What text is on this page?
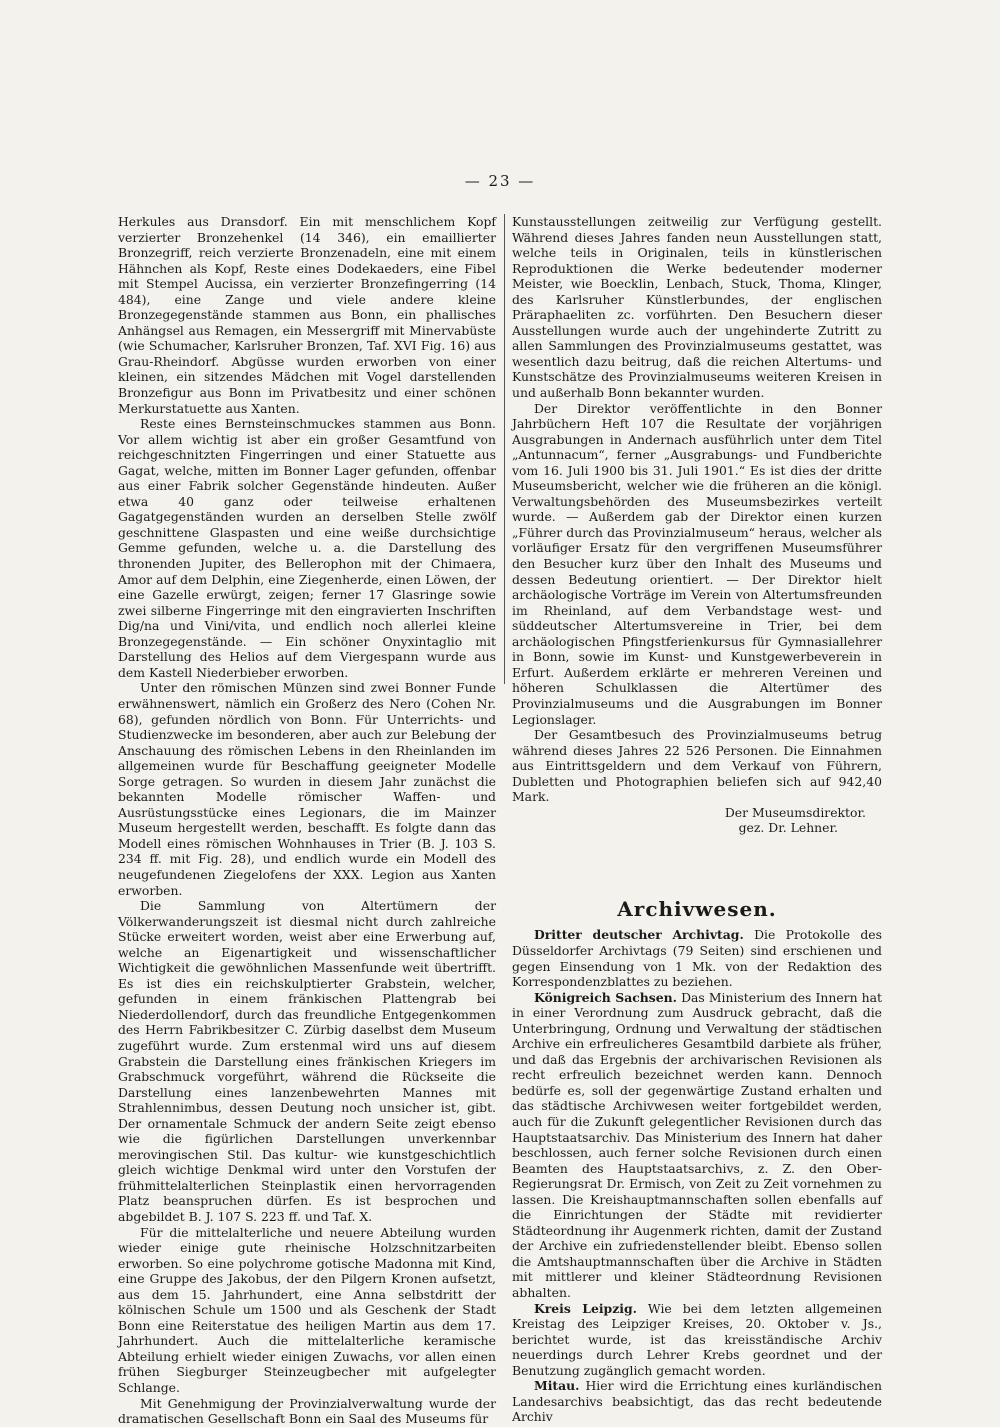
— 23 —

Herkules aus Dransdorf. Ein mit menschlichem Kopf verzierter Bronzehenkel (14 346), ein emaillierter Bronzegriff, reich verzierte Bronzenadeln, eine mit einem Hähnchen als Kopf, Reste eines Dodekaeders, eine Fibel mit Stempel Aucissa, ein verzierter Bronzefingerring (14 484), eine Zange und viele andere kleine Bronzegegenstände stammen aus Bonn, ein phallisches Anhängsel aus Remagen, ein Messergriff mit Minervabüste (wie Schumacher, Karlsruher Bronzen, Taf. XVI Fig. 16) aus Grau-Rheindorf. Abgüsse wurden erworben von einer kleinen, ein sitzendes Mädchen mit Vogel darstellenden Bronzefigur aus Bonn im Privatbesitz und einer schönen Merkurstatuette aus Xanten.

Reste eines Bernsteinschmuckes stammen aus Bonn. Vor allem wichtig ist aber ein großer Gesamtfund von reichgeschnitzten Fingerringen und einer Statuette aus Gagat, welche, mitten im Bonner Lager gefunden, offenbar aus einer Fabrik solcher Gegenstände hindeuten. Außer etwa 40 ganz oder teilweise erhaltenen Gagatgegenständen wurden an derselben Stelle zwölf geschnittene Glaspasten und eine weiße durchsichtige Gemme gefunden, welche u. a. die Darstellung des thronenden Jupiter, des Bellerophon mit der Chimaera, Amor auf dem Delphin, eine Ziegenherde, einen Löwen, der eine Gazelle erwürgt, zeigen; ferner 17 Glasringe sowie zwei silberne Fingerringe mit den eingravierten Inschriften Dig/na und Vini/vita, und endlich noch allerlei kleine Bronzegegenstände. — Ein schöner Onyxintaglio mit Darstellung des Helios auf dem Viergespann wurde aus dem Kastell Niederbieber erworben.

Unter den römischen Münzen sind zwei Bonner Funde erwähnenswert, nämlich ein Großerz des Nero (Cohen Nr. 68), gefunden nördlich von Bonn. Für Unterrichts- und Studienzwecke im besonderen, aber auch zur Belebung der Anschauung des römischen Lebens in den Rheinlanden im allgemeinen wurde für Beschaffung geeigneter Modelle Sorge getragen. So wurden in diesem Jahr zunächst die bekannten Modelle römischer Waffen- und Ausrüstungsstücke eines Legionars, die im Mainzer Museum hergestellt werden, beschafft. Es folgte dann das Modell eines römischen Wohnhauses in Trier (B. J. 103 S. 234 ff. mit Fig. 28), und endlich wurde ein Modell des neugefundenen Ziegelofens der XXX. Legion aus Xanten erworben.

Die Sammlung von Altertümern der Völkerwanderungszeit ist diesmal nicht durch zahlreiche Stücke erweitert worden, weist aber eine Erwerbung auf, welche an Eigenartigkeit und wissenschaftlicher Wichtigkeit die gewöhnlichen Massenfunde weit übertrifft. Es ist dies ein reichskulptierter Grabstein, welcher, gefunden in einem fränkischen Plattengrab bei Niederdollendorf, durch das freundliche Entgegenkommen des Herrn Fabrikbesitzer C. Zürbig daselbst dem Museum zugeführt wurde. Zum erstenmal wird uns auf diesem Grabstein die Darstellung eines fränkischen Kriegers im Grabschmuck vorgeführt, während die Rückseite die Darstellung eines lanzenbewehrten Mannes mit Strahlennimbus, dessen Deutung noch unsicher ist, gibt. Der ornamentale Schmuck der andern Seite zeigt ebenso wie die figürlichen Darstellungen unverkennbar merovingischen Stil. Das kultur- wie kunstgeschichtlich gleich wichtige Denkmal wird unter den Vorstufen der frühmittelalterlichen Steinplastik einen hervorragenden Platz beanspruchen dürfen. Es ist besprochen und abgebildet B. J. 107 S. 223 ff. und Taf. X.

Für die mittelalterliche und neuere Abteilung wurden wieder einige gute rheinische Holzschnitzarbeiten erworben. So eine polychrome gotische Madonna mit Kind, eine Gruppe des Jakobus, der den Pilgern Kronen aufsetzt, aus dem 15. Jahrhundert, eine Anna selbstdritt der kölnischen Schule um 1500 und als Geschenk der Stadt Bonn eine Reiterstatue des heiligen Martin aus dem 17. Jahrhundert. Auch die mittelalterliche keramische Abteilung erhielt wieder einigen Zuwachs, vor allen einen frühen Siegburger Steinzeugbecher mit aufgelegter Schlange.

Mit Genehmigung der Provinzialverwaltung wurde der dramatischen Gesellschaft Bonn ein Saal des Museums für

Kunstausstellungen zeitweilig zur Verfügung gestellt. Während dieses Jahres fanden neun Ausstellungen statt, welche teils in Originalen, teils in künstlerischen Reproduktionen die Werke bedeutender moderner Meister, wie Boecklin, Lenbach, Stuck, Thoma, Klinger, des Karlsruher Künstlerbundes, der englischen Präraphaeliten zc. vorführten. Den Besuchern dieser Ausstellungen wurde auch der ungehinderte Zutritt zu allen Sammlungen des Provinzialmuseums gestattet, was wesentlich dazu beitrug, daß die reichen Altertums- und Kunstschätze des Provinzialmuseums weiteren Kreisen in und außerhalb Bonn bekannter wurden.

Der Direktor veröffentlichte in den Bonner Jahrbüchern Heft 107 die Resultate der vorjährigen Ausgrabungen in Andernach ausführlich unter dem Titel „Antunnacum“, ferner „Ausgrabungs- und Fundberichte vom 16. Juli 1900 bis 31. Juli 1901.“ Es ist dies der dritte Museumsbericht, welcher wie die früheren an die königl. Verwaltungsbehörden des Museumsbezirkes verteilt wurde. — Außerdem gab der Direktor einen kurzen „Führer durch das Provinzialmuseum“ heraus, welcher als vorläufiger Ersatz für den vergriffenen Museumsführer den Besucher kurz über den Inhalt des Museums und dessen Bedeutung orientiert. — Der Direktor hielt archäologische Vorträge im Verein von Altertumsfreunden im Rheinland, auf dem Verbandstage west- und süddeutscher Altertumsvereine in Trier, bei dem archäologischen Pfingstferienkursus für Gymnasiallehrer in Bonn, sowie im Kunst- und Kunstgewerbeverein in Erfurt. Außerdem erklärte er mehreren Vereinen und höheren Schulklassen die Altertümer des Provinzialmuseums und die Ausgrabungen im Bonner Legionslager.

Der Gesamtbesuch des Provinzialmuseums betrug während dieses Jahres 22 526 Personen. Die Einnahmen aus Eintrittsgeldern und dem Verkauf von Führern, Dubletten und Photographien beliefen sich auf 942,40 Mark.

Der Museumsdirektor.

gez. Dr. Lehner.

Archivwesen.

Dritter deutscher Archivtag. Die Protokolle des Düsseldorfer Archivtags (79 Seiten) sind erschienen und gegen Einsendung von 1 Mk. von der Redaktion des Korrespondenzblattes zu beziehen.

Königreich Sachsen. Das Ministerium des Innern hat in einer Verordnung zum Ausdruck gebracht, daß die Unterbringung, Ordnung und Verwaltung der städtischen Archive ein erfreulicheres Gesamtbild darbiete als früher, und daß das Ergebnis der archivarischen Revisionen als recht erfreulich bezeichnet werden kann. Dennoch bedürfe es, soll der gegenwärtige Zustand erhalten und das städtische Archivwesen weiter fortgebildet werden, auch für die Zukunft gelegentlicher Revisionen durch das Hauptstaatsarchiv. Das Ministerium des Innern hat daher beschlossen, auch ferner solche Revisionen durch einen Beamten des Hauptstaatsarchivs, z. Z. den Ober-Regierungsrat Dr. Ermisch, von Zeit zu Zeit vornehmen zu lassen. Die Kreishauptmannschaften sollen ebenfalls auf die Einrichtungen der Städte mit revidierter Städteordnung ihr Augenmerk richten, damit der Zustand der Archive ein zufriedenstellender bleibt. Ebenso sollen die Amtshauptmannschaften über die Archive in Städten mit mittlerer und kleiner Städteordnung Revisionen abhalten.

Kreis Leipzig. Wie bei dem letzten allgemeinen Kreistag des Leipziger Kreises, 20. Oktober v. Js., berichtet wurde, ist das kreisständische Archiv neuerdings durch Lehrer Krebs geordnet und der Benutzung zugänglich gemacht worden.

Mitau. Hier wird die Errichtung eines kurländischen Landesarchivs beabsichtigt, das das recht bedeutende Archiv
